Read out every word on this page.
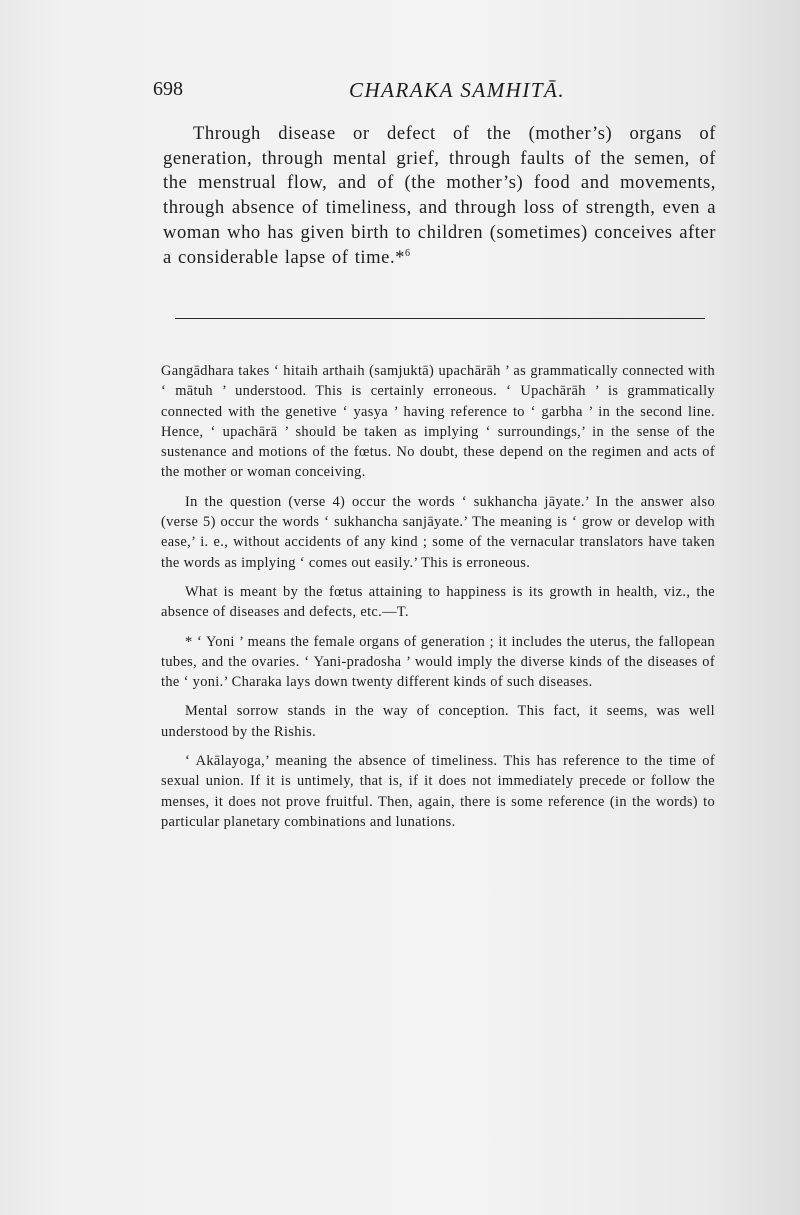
698	CHARAKA SAMHITĀ.

Through disease or defect of the (mother’s) organs of generation, through mental grief, through faults of the semen, of the menstrual flow, and of (the mother’s) food and movements, through absence of timeliness, and through loss of strength, even a woman who has given birth to children (sometimes) conceives after a considerable lapse of time.*$^6$

Gangādhara takes ‘ hitaih arthaih (samjuktā) upachārāh ’ as grammatically connected with ‘ mātuh ’ understood. This is certainly erroneous. ‘ Upachārāh ’ is grammatically connected with the genetive ‘ yasya ’ having reference to ‘ garbha ’ in the second line. Hence, ‘ upachārā ’ should be taken as implying ‘ surroundings,’ in the sense of the sustenance and motions of the fœtus. No doubt, these depend on the regimen and acts of the mother or woman conceiving.

In the question (verse 4) occur the words ‘ sukhancha jāyate.’ In the answer also (verse 5) occur the words ‘ sukhancha sanjāyate.’ The meaning is ‘ grow or develop with ease,’ i. e., without accidents of any kind ; some of the vernacular translators have taken the words as implying ‘ comes out easily.’ This is erroneous.

What is meant by the fœtus attaining to happiness is its growth in health, viz., the absence of diseases and defects, etc.—T.

* ‘ Yoni ’ means the female organs of generation ; it includes the uterus, the fallopean tubes, and the ovaries. ‘ Yani-pradosha ’ would imply the diverse kinds of the diseases of the ‘ yoni.’ Charaka lays down twenty different kinds of such diseases.

Mental sorrow stands in the way of conception. This fact, it seems, was well understood by the Rishis.

‘ Akālayoga,’ meaning the absence of timeliness. This has reference to the time of sexual union. If it is untimely, that is, if it does not immediately precede or follow the menses, it does not prove fruitful. Then, again, there is some reference (in the words) to particular planetary combinations and lunations.
